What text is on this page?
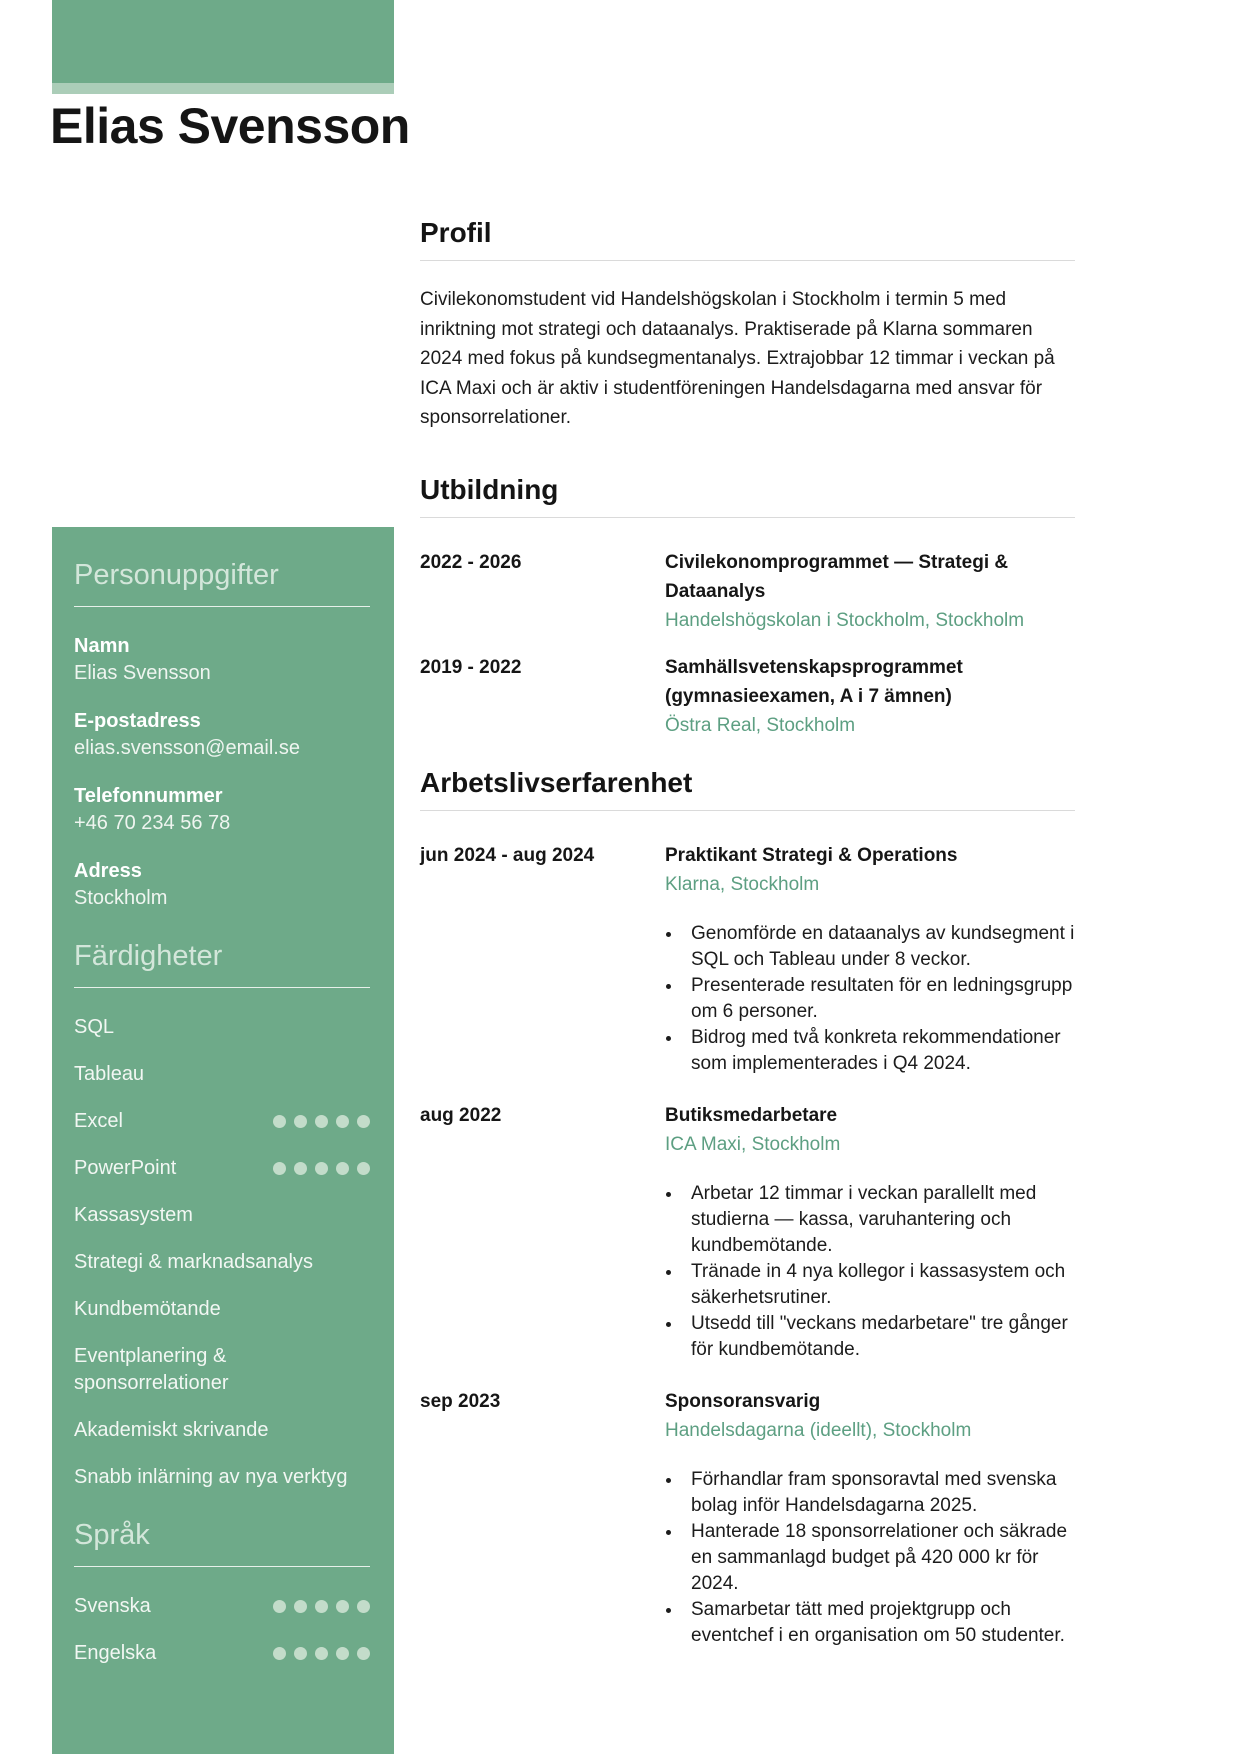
Elias Svensson
Personuppgifter
Namn
Elias Svensson
E-postadress
elias.svensson@email.se
Telefonnummer
+46 70 234 56 78
Adress
Stockholm
Färdigheter
SQL
Tableau
Excel
PowerPoint
Kassasystem
Strategi & marknadsanalys
Kundbemötande
Eventplanering & sponsorrelationer
Akademiskt skrivande
Snabb inlärning av nya verktyg
Språk
Svenska
Engelska
Profil

Civilekonomstudent vid Handelshögskolan i Stockholm i termin 5 med inriktning mot strategi och dataanalys. Praktiserade på Klarna sommaren 2024 med fokus på kundsegmentanalys. Extrajobbar 12 timmar i veckan på ICA Maxi och är aktiv i studentföreningen Handelsdagarna med ansvar för sponsorrelationer.

Utbildning
2022 - 2026	Civilekonomprogrammet — Strategi & Dataanalys
Handelshögskolan i Stockholm, Stockholm
2019 - 2022	Samhällsvetenskapsprogrammet (gymnasieexamen, A i 7 ämnen)
Östra Real, Stockholm
Arbetslivserfarenhet
jun 2024 - aug 2024	Praktikant Strategi & Operations
Klarna, Stockholm
• Genomförde en dataanalys av kundsegment i SQL och Tableau under 8 veckor.
• Presenterade resultaten för en ledningsgrupp om 6 personer.
• Bidrog med två konkreta rekommendationer som implementerades i Q4 2024.
aug 2022	Butiksmedarbetare
ICA Maxi, Stockholm
• Arbetar 12 timmar i veckan parallellt med studierna — kassa, varuhantering och kundbemötande.
• Tränade in 4 nya kollegor i kassasystem och säkerhetsrutiner.
• Utsedd till "veckans medarbetare" tre gånger för kundbemötande.
sep 2023	Sponsoransvarig
Handelsdagarna (ideellt), Stockholm
• Förhandlar fram sponsoravtal med svenska bolag inför Handelsdagarna 2025.
• Hanterade 18 sponsorrelationer och säkrade en sammanlagd budget på 420 000 kr för 2024.
• Samarbetar tätt med projektgrupp och eventchef i en organisation om 50 studenter.
